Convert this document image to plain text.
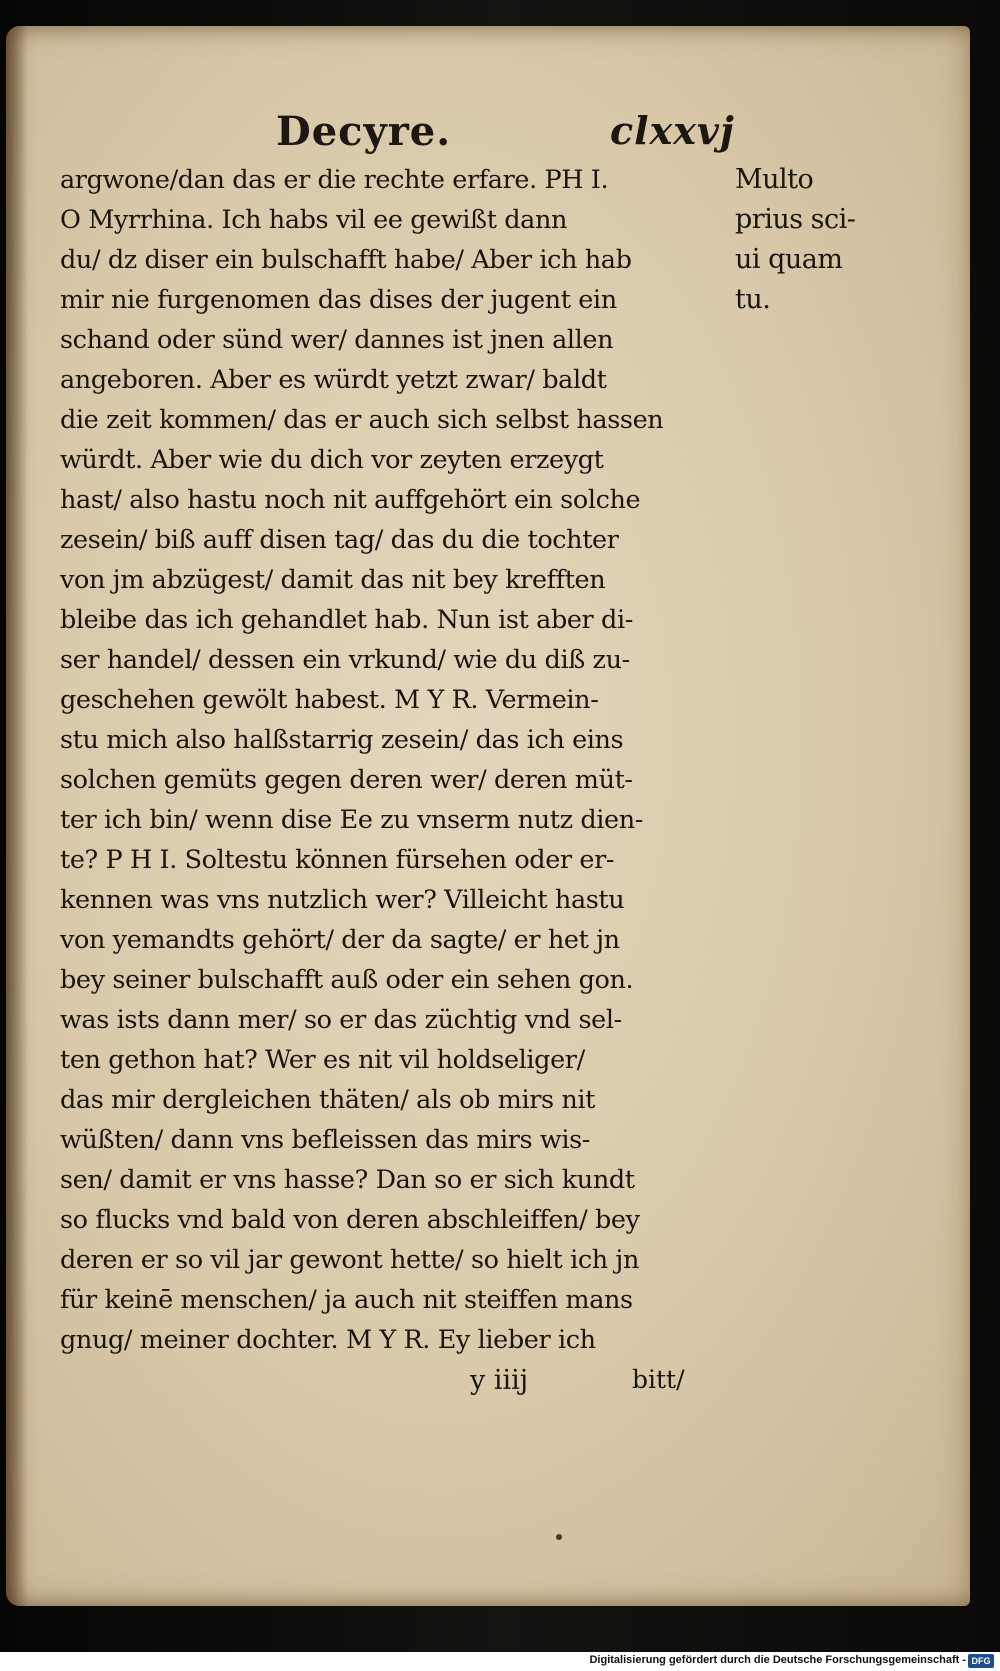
Decyre.	clxxvj
argwone/dan das er die rechte erfare. PH I.
O Myrrhina. Ich habs vil ee gewißt dann
du/ dz diser ein bulschafft habe/ Aber ich hab
mir nie furgenomen das dises der jugent ein
schand oder sünd wer/ dannes ist jnen allen
angeboren. Aber es würdt yetzt zwar/ baldt
die zeit kommen/ das er auch sich selbst hassen
würdt. Aber wie du dich vor zeyten erzeygt
hast/ also hastu noch nit auffgehört ein solche
zesein/ biß auff disen tag/ das du die tochter
von jm abzügest/ damit das nit bey krefften
bleibe das ich gehandlet hab. Nun ist aber di-
ser handel/ dessen ein vrkund/ wie du diß zu-
geschehen gewölt habest. M Y R. Vermein-
stu mich also halßstarrig zesein/ das ich eins
solchen gemüts gegen deren wer/ deren müt-
ter ich bin/ wenn dise Ee zu vnserm nutz dien-
te? P H I. Soltestu können fürsehen oder er-
kennen was vns nutzlich wer? Villeicht hastu
von yemandts gehört/ der da sagte/ er het jn
bey seiner bulschafft auß oder ein sehen gon.
was ists dann mer/ so er das züchtig vnd sel-
ten gethon hat? Wer es nit vil holdseliger/
das mir dergleichen thäten/ als ob mirs nit
wüßten/ dann vns befleissen das mirs wis-
sen/ damit er vns hasse? Dan so er sich kundt
so flucks vnd bald von deren abschleiffen/ bey
deren er so vil jar gewont hette/ so hielt ich jn
für keinē menschen/ ja auch nit steiffen mans
gnug/ meiner dochter. M Y R. Ey lieber ich
Multo
prius sci-
ui quam
tu.
y iiij	bitt/
Digitalisierung gefördert durch die Deutsche Forschungsgemeinschaft - DFG
